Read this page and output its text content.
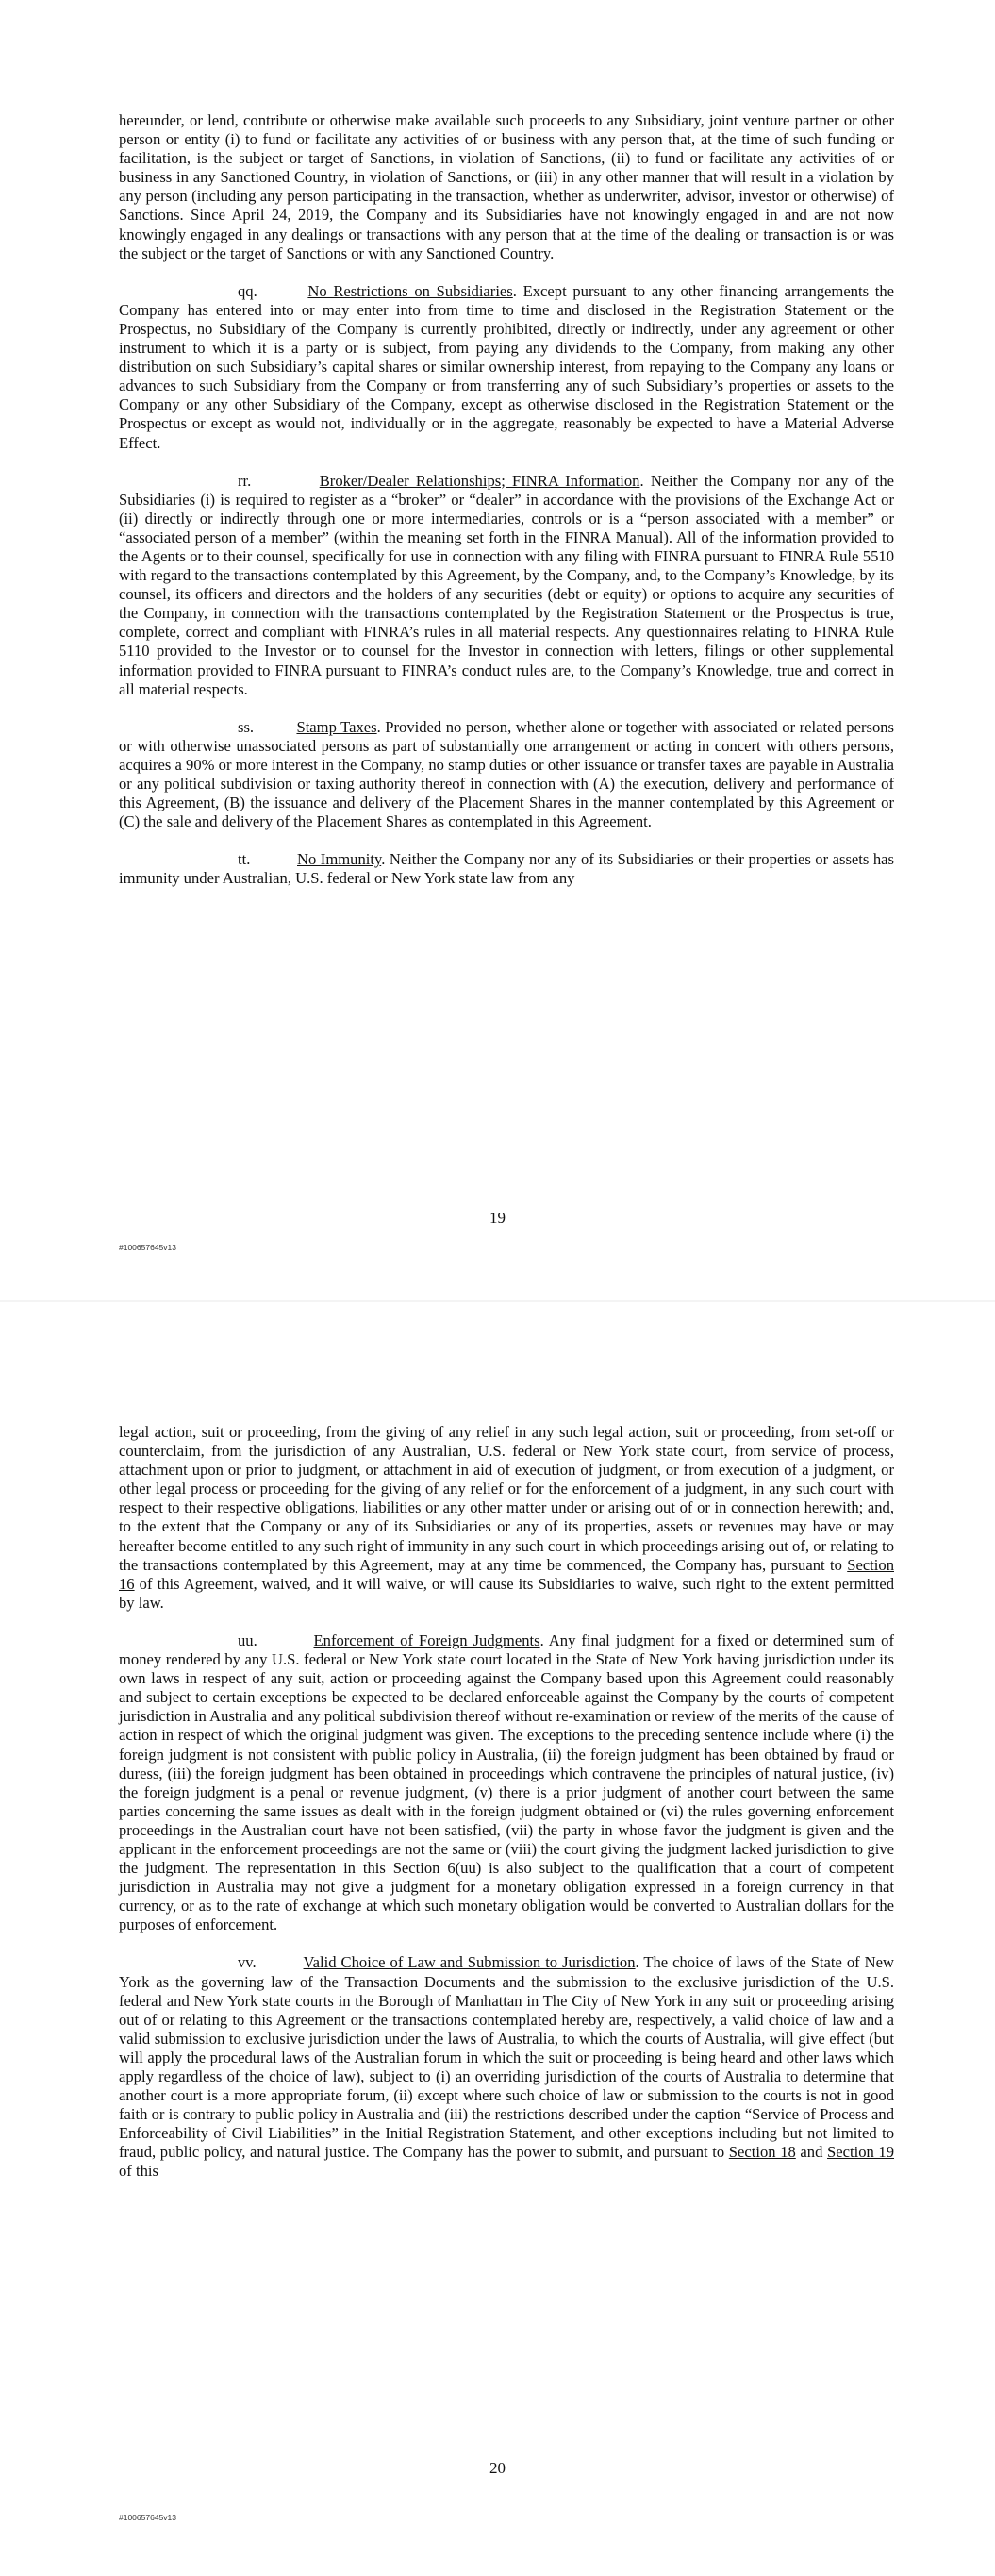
hereunder, or lend, contribute or otherwise make available such proceeds to any Subsidiary, joint venture partner or other person or entity (i) to fund or facilitate any activities of or business with any person that, at the time of such funding or facilitation, is the subject or target of Sanctions, in violation of Sanctions, (ii) to fund or facilitate any activities of or business in any Sanctioned Country, in violation of Sanctions, or (iii) in any other manner that will result in a violation by any person (including any person participating in the transaction, whether as underwriter, advisor, investor or otherwise) of Sanctions. Since April 24, 2019, the Company and its Subsidiaries have not knowingly engaged in and are not now knowingly engaged in any dealings or transactions with any person that at the time of the dealing or transaction is or was the subject or the target of Sanctions or with any Sanctioned Country.

qq.	No Restrictions on Subsidiaries. Except pursuant to any other financing arrangements the Company has entered into or may enter into from time to time and disclosed in the Registration Statement or the Prospectus, no Subsidiary of the Company is currently prohibited, directly or indirectly, under any agreement or other instrument to which it is a party or is subject, from paying any dividends to the Company, from making any other distribution on such Subsidiary’s capital shares or similar ownership interest, from repaying to the Company any loans or advances to such Subsidiary from the Company or from transferring any of such Subsidiary’s properties or assets to the Company or any other Subsidiary of the Company, except as otherwise disclosed in the Registration Statement or the Prospectus or except as would not, individually or in the aggregate, reasonably be expected to have a Material Adverse Effect.

rr.	Broker/Dealer Relationships; FINRA Information. Neither the Company nor any of the Subsidiaries (i) is required to register as a “broker” or “dealer” in accordance with the provisions of the Exchange Act or (ii) directly or indirectly through one or more intermediaries, controls or is a “person associated with a member” or “associated person of a member” (within the meaning set forth in the FINRA Manual). All of the information provided to the Agents or to their counsel, specifically for use in connection with any filing with FINRA pursuant to FINRA Rule 5510 with regard to the transactions contemplated by this Agreement, by the Company, and, to the Company’s Knowledge, by its counsel, its officers and directors and the holders of any securities (debt or equity) or options to acquire any securities of the Company, in connection with the transactions contemplated by the Registration Statement or the Prospectus is true, complete, correct and compliant with FINRA’s rules in all material respects. Any questionnaires relating to FINRA Rule 5110 provided to the Investor or to counsel for the Investor in connection with letters, filings or other supplemental information provided to FINRA pursuant to FINRA’s conduct rules are, to the Company’s Knowledge, true and correct in all material respects.

ss.	Stamp Taxes. Provided no person, whether alone or together with associated or related persons or with otherwise unassociated persons as part of substantially one arrangement or acting in concert with others persons, acquires a 90% or more interest in the Company, no stamp duties or other issuance or transfer taxes are payable in Australia or any political subdivision or taxing authority thereof in connection with (A) the execution, delivery and performance of this Agreement, (B) the issuance and delivery of the Placement Shares in the manner contemplated by this Agreement or (C) the sale and delivery of the Placement Shares as contemplated in this Agreement.

tt.	No Immunity. Neither the Company nor any of its Subsidiaries or their properties or assets has immunity under Australian, U.S. federal or New York state law from any

19
#100657645v13

legal action, suit or proceeding, from the giving of any relief in any such legal action, suit or proceeding, from set-off or counterclaim, from the jurisdiction of any Australian, U.S. federal or New York state court, from service of process, attachment upon or prior to judgment, or attachment in aid of execution of judgment, or from execution of a judgment, or other legal process or proceeding for the giving of any relief or for the enforcement of a judgment, in any such court with respect to their respective obligations, liabilities or any other matter under or arising out of or in connection herewith; and, to the extent that the Company or any of its Subsidiaries or any of its properties, assets or revenues may have or may hereafter become entitled to any such right of immunity in any such court in which proceedings arising out of, or relating to the transactions contemplated by this Agreement, may at any time be commenced, the Company has, pursuant to Section 16 of this Agreement, waived, and it will waive, or will cause its Subsidiaries to waive, such right to the extent permitted by law.

uu.	Enforcement of Foreign Judgments. Any final judgment for a fixed or determined sum of money rendered by any U.S. federal or New York state court located in the State of New York having jurisdiction under its own laws in respect of any suit, action or proceeding against the Company based upon this Agreement could reasonably and subject to certain exceptions be expected to be declared enforceable against the Company by the courts of competent jurisdiction in Australia and any political subdivision thereof without re-examination or review of the merits of the cause of action in respect of which the original judgment was given. The exceptions to the preceding sentence include where (i) the foreign judgment is not consistent with public policy in Australia, (ii) the foreign judgment has been obtained by fraud or duress, (iii) the foreign judgment has been obtained in proceedings which contravene the principles of natural justice, (iv) the foreign judgment is a penal or revenue judgment, (v) there is a prior judgment of another court between the same parties concerning the same issues as dealt with in the foreign judgment obtained or (vi) the rules governing enforcement proceedings in the Australian court have not been satisfied, (vii) the party in whose favor the judgment is given and the applicant in the enforcement proceedings are not the same or (viii) the court giving the judgment lacked jurisdiction to give the judgment. The representation in this Section 6(uu) is also subject to the qualification that a court of competent jurisdiction in Australia may not give a judgment for a monetary obligation expressed in a foreign currency in that currency, or as to the rate of exchange at which such monetary obligation would be converted to Australian dollars for the purposes of enforcement.

vv.	Valid Choice of Law and Submission to Jurisdiction. The choice of laws of the State of New York as the governing law of the Transaction Documents and the submission to the exclusive jurisdiction of the U.S. federal and New York state courts in the Borough of Manhattan in The City of New York in any suit or proceeding arising out of or relating to this Agreement or the transactions contemplated hereby are, respectively, a valid choice of law and a valid submission to exclusive jurisdiction under the laws of Australia, to which the courts of Australia, will give effect (but will apply the procedural laws of the Australian forum in which the suit or proceeding is being heard and other laws which apply regardless of the choice of law), subject to (i) an overriding jurisdiction of the courts of Australia to determine that another court is a more appropriate forum, (ii) except where such choice of law or submission to the courts is not in good faith or is contrary to public policy in Australia and (iii) the restrictions described under the caption “Service of Process and Enforceability of Civil Liabilities” in the Initial Registration Statement, and other exceptions including but not limited to fraud, public policy, and natural justice. The Company has the power to submit, and pursuant to Section 18 and Section 19 of this

20
#100657645v13
